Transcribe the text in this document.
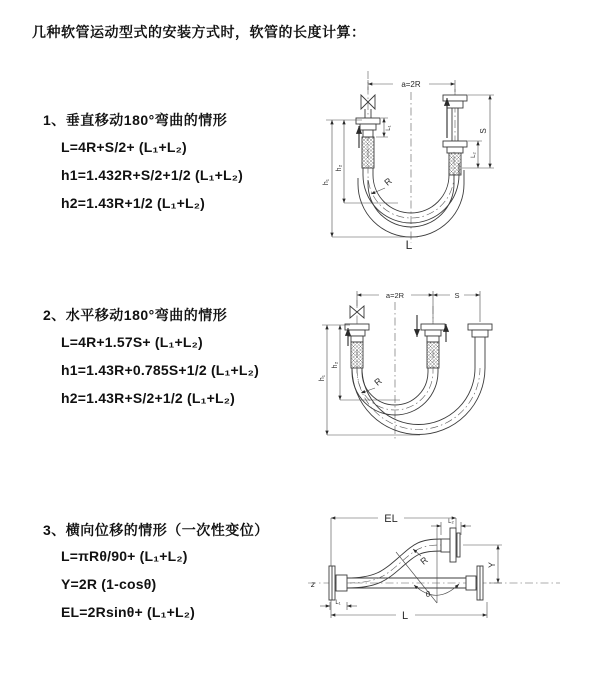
几种软管运动型式的安装方式时，软管的长度计算：
1、垂直移动180°弯曲的情形
L=4R+S/2+ (L₁+L₂)
h1=1.432R+S/2+1/2 (L₁+L₂)
h2=1.43R+1/2 (L₁+L₂)
2、水平移动180°弯曲的情形
L=4R+1.57S+ (L₁+L₂)
h1=1.43R+0.785S+1/2 (L₁+L₂)
h2=1.43R+S/2+1/2 (L₁+L₂)
3、横向位移的情形（一次性变位）
L=πRθ/90+ (L₁+L₂)
Y=2R (1-cosθ)
EL=2Rsinθ+ (L₁+L₂)
a=2R
h₁
h₂
L₁
S
L₂
R
L
a=2R	S
h₁
h₂
R
z
EL	L₂
Y
R
θ
L
L₁
